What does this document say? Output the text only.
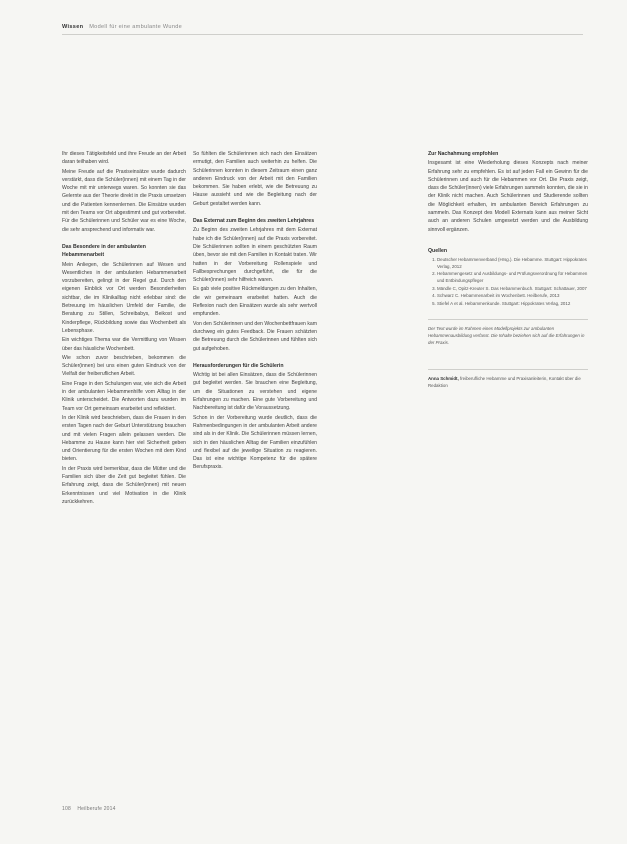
Wissen Modell für eine ambulante Wunde

Ihr dieses Tätigkeitsfeld und ihre Freude an der Arbeit daran teilhaben wird.

Meine Freude auf die Praxiseinsätze wurde dadurch verstärkt, dass die Schüler(innen) mit einem Tag in der Woche mit mir unterwegs waren. So konnten sie das Gelernte aus der Theorie direkt in die Praxis umsetzen und die Patienten kennenlernen. Die Einsätze wurden mit den Teams vor Ort abgestimmt und gut vorbereitet. Für die Schülerinnen und Schüler war es eine Woche, die sehr ansprechend und informativ war.

Das Besondere in der ambulanten Hebammenarbeit

Mein Anliegen, die Schülerinnen auf Wesen und Wesentliches in der ambulanten Hebammenarbeit vorzubereiten, gelingt in der Regel gut. Durch den eigenen Einblick vor Ort werden Besonderheiten sichtbar, die im Klinikalltag nicht erlebbar sind: die Betreuung im häuslichen Umfeld der Familie, die Beratung zu Stillen, Schreibabys, Beikost und Kinderpflege, Rückbildung sowie das Wochenbett als Lebensphase.

Ein wichtiges Thema war die Vermittlung von Wissen über das häusliche Wochenbett.

Wie schon zuvor beschrieben, bekommen die Schüler(innen) bei uns einen guten Eindruck von der Vielfalt der freiberuflichen Arbeit.

Eine Frage in den Schulungen war, wie sich die Arbeit in der ambulanten Hebammenhilfe vom Alltag in der Klinik unterscheidet. Die Antworten dazu wurden im Team vor Ort gemeinsam erarbeitet und reflektiert.

In der Klinik wird beschrieben, dass die Frauen in den ersten Tagen nach der Geburt Unterstützung brauchen und mit vielen Fragen allein gelassen werden. Die Hebamme zu Hause kann hier viel Sicherheit geben und Orientierung für die ersten Wochen mit dem Kind bieten.

In der Praxis wird bemerkbar, dass die Mütter und die Familien sich über die Zeit gut begleitet fühlen. Die Erfahrung zeigt, dass die Schüler(innen) mit neuen Erkenntnissen und viel Motivation in die Klinik zurückkehren.

So fühlten die Schülerinnen sich nach den Einsätzen ermutigt, den Familien auch weiterhin zu helfen. Die Schülerinnen konnten in diesem Zeitraum einen ganz anderen Eindruck von der Arbeit mit den Familien bekommen. Sie haben erlebt, wie die Betreuung zu Hause aussieht und wie die Begleitung nach der Geburt gestaltet werden kann.

Das Externat zum Beginn des zweiten Lehrjahres

Zu Beginn des zweiten Lehrjahres mit dem Externat habe ich die Schüler(innen) auf die Praxis vorbereitet. Die Schülerinnen sollten in einem geschützten Raum üben, bevor sie mit den Familien in Kontakt traten. Wir hatten in der Vorbereitung Rollenspiele und Fallbesprechungen durchgeführt, die für die Schüler(innen) sehr hilfreich waren.

Es gab viele positive Rückmeldungen zu den Inhalten, die wir gemeinsam erarbeitet hatten. Auch die Reflexion nach den Einsätzen wurde als sehr wertvoll empfunden.

Von den Schülerinnen und den Wochenbettfrauen kam durchweg ein gutes Feedback. Die Frauen schätzten die Betreuung durch die Schülerinnen und fühlten sich gut aufgehoben.

Herausforderungen für die Schülerin

Wichtig ist bei allen Einsätzen, dass die Schülerinnen gut begleitet werden. Sie brauchen eine Begleitung, um die Situationen zu verstehen und eigene Erfahrungen zu machen. Eine gute Vorbereitung und Nachbereitung ist dafür die Voraussetzung.

Schon in der Vorbereitung wurde deutlich, dass die Rahmenbedingungen in der ambulanten Arbeit andere sind als in der Klinik. Die Schülerinnen müssen lernen, sich in den häuslichen Alltag der Familien einzufühlen und flexibel auf die jeweilige Situation zu reagieren. Das ist eine wichtige Kompetenz für die spätere Berufspraxis.

Zur Nachahmung empfohlen

Insgesamt ist eine Wiederholung dieses Konzepts nach meiner Erfahrung sehr zu empfehlen. Es ist auf jeden Fall ein Gewinn für die Schülerinnen und auch für die Hebammen vor Ort. Die Praxis zeigt, dass die Schüler(innen) viele Erfahrungen sammeln konnten, die sie in der Klinik nicht machen. Auch Schülerinnen und Studierende sollten die Möglichkeit erhalten, im ambulanten Bereich Erfahrungen zu sammeln. Das Konzept des Modell Externats kann aus meiner Sicht auch an anderen Schulen umgesetzt werden und die Ausbildung sinnvoll ergänzen.

Quellen
1. Deutscher Hebammenverband (Hrsg.). Die Hebamme. Stuttgart: Hippokrates Verlag, 2012
2. Hebammengesetz und Ausbildungs- und Prüfungsverordnung für Hebammen und Entbindungspfleger
3. Mändle C, Opitz-Kreuter S. Das Hebammenbuch. Stuttgart: Schattauer, 2007
4. Schwarz C. Hebammenarbeit im Wochenbett. Heilberufe, 2013
5. Stiefel A et al. Hebammenkunde. Stuttgart: Hippokrates Verlag, 2012
Der Text wurde im Rahmen eines Modellprojekts zur ambulanten Hebammenausbildung verfasst. Die Inhalte beziehen sich auf die Erfahrungen in der Praxis.
Anna Schmidt, freiberufliche Hebamme und Praxisanleiterin, Kontakt über die Redaktion
108 Heilberufe 2014
